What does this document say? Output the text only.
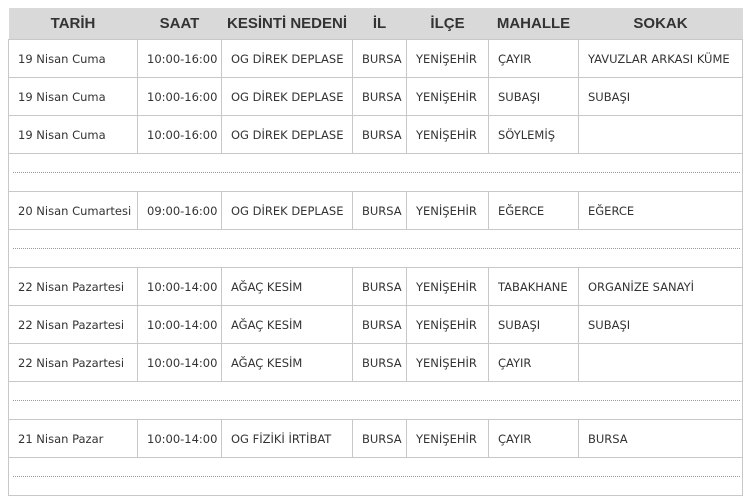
TARİH	SAAT	KESİNTİ NEDENİ	İL	İLÇE	MAHALLE	SOKAK
19 Nisan Cuma	10:00-16:00	OG DİREK DEPLASE	BURSA	YENİŞEHİR	ÇAYIR	YAVUZLAR ARKASI KÜME
19 Nisan Cuma	10:00-16:00	OG DİREK DEPLASE	BURSA	YENİŞEHİR	SUBAŞI	SUBAŞI
19 Nisan Cuma	10:00-16:00	OG DİREK DEPLASE	BURSA	YENİŞEHİR	SÖYLEMİŞ	

20 Nisan Cumartesi	09:00-16:00	OG DİREK DEPLASE	BURSA	YENİŞEHİR	EĞERCE	EĞERCE

22 Nisan Pazartesi	10:00-14:00	AĞAÇ KESİM	BURSA	YENİŞEHİR	TABAKHANE	ORGANİZE SANAYİ
22 Nisan Pazartesi	10:00-14:00	AĞAÇ KESİM	BURSA	YENİŞEHİR	SUBAŞI	SUBAŞI
22 Nisan Pazartesi	10:00-14:00	AĞAÇ KESİM	BURSA	YENİŞEHİR	ÇAYIR	

21 Nisan Pazar	10:00-14:00	OG FİZİKİ İRTİBAT	BURSA	YENİŞEHİR	ÇAYIR	BURSA
